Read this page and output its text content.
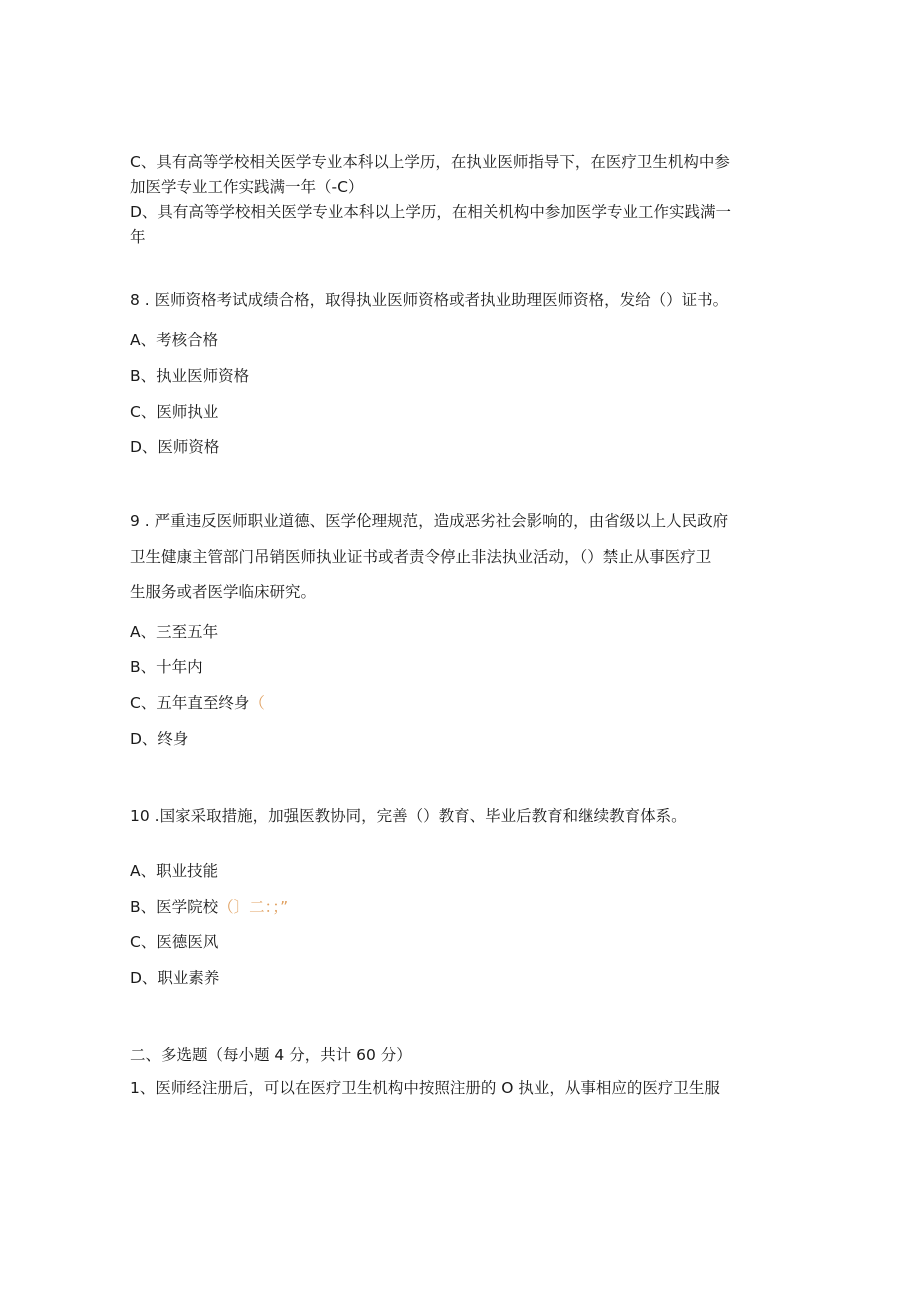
C、具有高等学校相关医学专业本科以上学历，在执业医师指导下，在医疗卫生机构中参
加医学专业工作实践满一年（-C）
D、具有高等学校相关医学专业本科以上学历，在相关机构中参加医学专业工作实践满一
年
8 . 医师资格考试成绩合格，取得执业医师资格或者执业助理医师资格，发给（）证书。
A、考核合格
B、执业医师资格
C、医师执业
D、医师资格
9 . 严重违反医师职业道德、医学伦理规范，造成恶劣社会影响的，由省级以上人民政府
卫生健康主管部门吊销医师执业证书或者责令停止非法执业活动，（）禁止从事医疗卫
生服务或者医学临床研究。
A、三至五年
B、十年内
C、五年直至终身（
D、终身
10 .国家采取措施，加强医教协同，完善（）教育、毕业后教育和继续教育体系。
A、职业技能
B、医学院校（〕二：；”
C、医德医风
D、职业素养
二、多选题（每小题 4 分，共计 60 分）
1、医师经注册后，可以在医疗卫生机构中按照注册的 O 执业，从事相应的医疗卫生服
